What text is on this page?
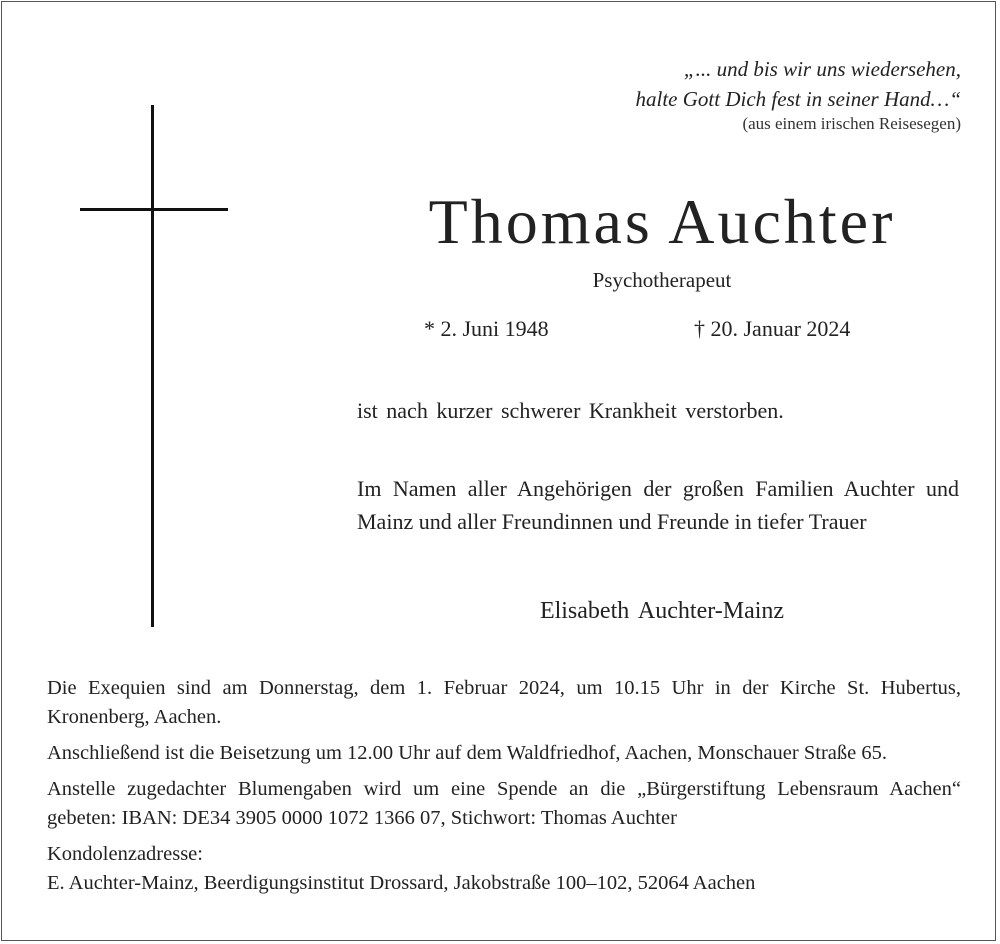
„... und bis wir uns wiedersehen,
halte Gott Dich fest in seiner Hand…“
(aus einem irischen Reisesegen)
Thomas Auchter
Psychotherapeut
* 2. Juni 1948	† 20. Januar 2024
ist nach kurzer schwerer Krankheit verstorben.
Im Namen aller Angehörigen der großen Familien Auchter und Mainz und aller Freundinnen und Freunde in tiefer Trauer
Elisabeth Auchter-Mainz

Die Exequien sind am Donnerstag, dem 1. Februar 2024, um 10.15 Uhr in der Kirche St. Hubertus, Kronenberg, Aachen.

Anschließend ist die Beisetzung um 12.00 Uhr auf dem Waldfriedhof, Aachen, Monschauer Straße 65.

Anstelle zugedachter Blumengaben wird um eine Spende an die „Bürgerstiftung Lebensraum Aachen“ gebeten: IBAN: DE34 3905 0000 1072 1366 07, Stichwort: Thomas Auchter

Kondolenzadresse:

E. Auchter-Mainz, Beerdigungsinstitut Drossard, Jakobstraße 100–102, 52064 Aachen
